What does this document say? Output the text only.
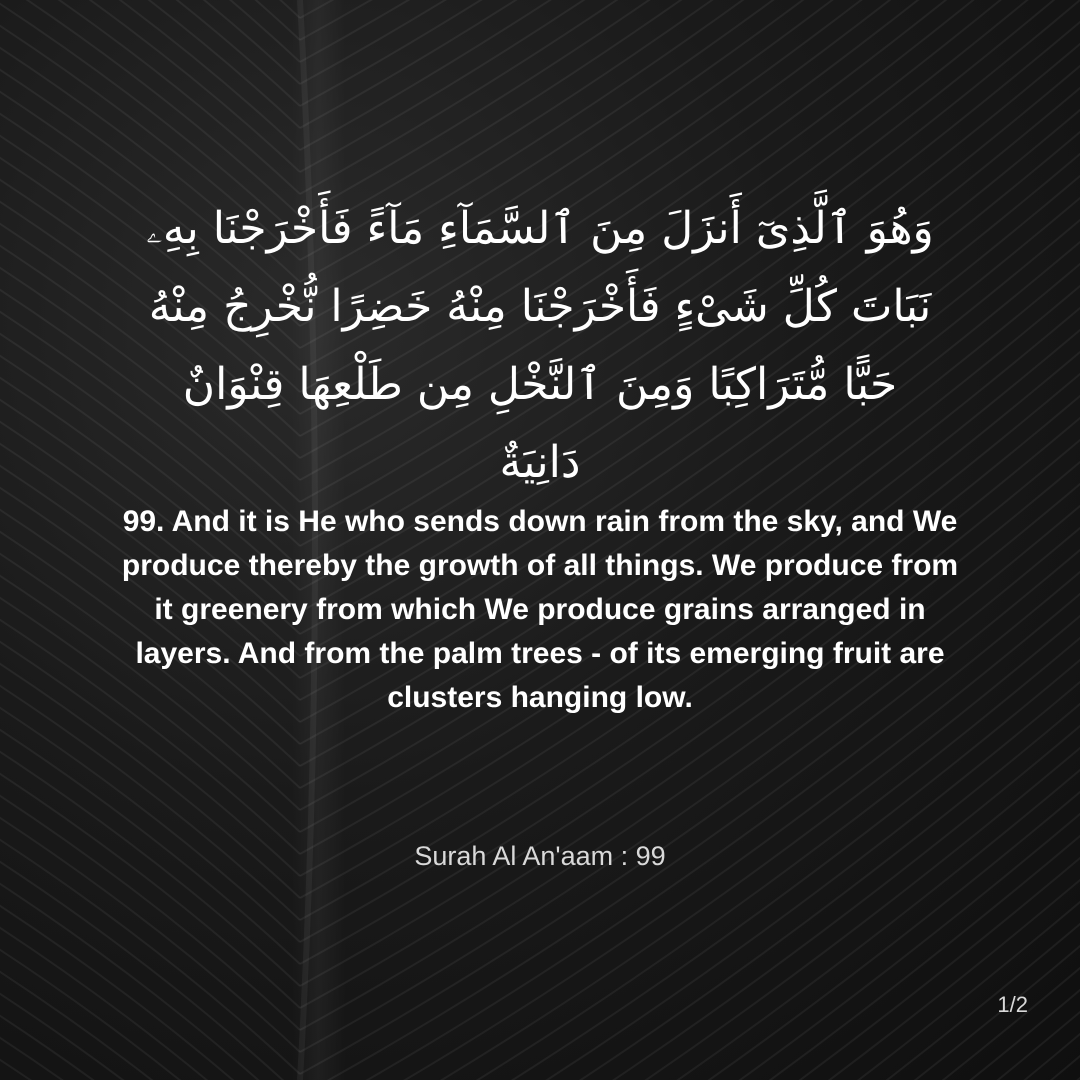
وَهُوَ ٱلَّذِىٓ أَنزَلَ مِنَ ٱلسَّمَآءِ مَآءً فَأَخْرَجْنَا بِهِۦ نَبَاتَ كُلِّ شَىْءٍ فَأَخْرَجْنَا مِنْهُ خَضِرًا نُّخْرِجُ مِنْهُ حَبًّا مُّتَرَاكِبًا وَمِنَ ٱلنَّخْلِ مِن طَلْعِهَا قِنْوَانٌ دَانِيَةٌ
99. And it is He who sends down rain from the sky, and We produce thereby the growth of all things. We produce from it greenery from which We produce grains arranged in layers. And from the palm trees - of its emerging fruit are clusters hanging low.
Surah Al An'aam : 99
1/2
